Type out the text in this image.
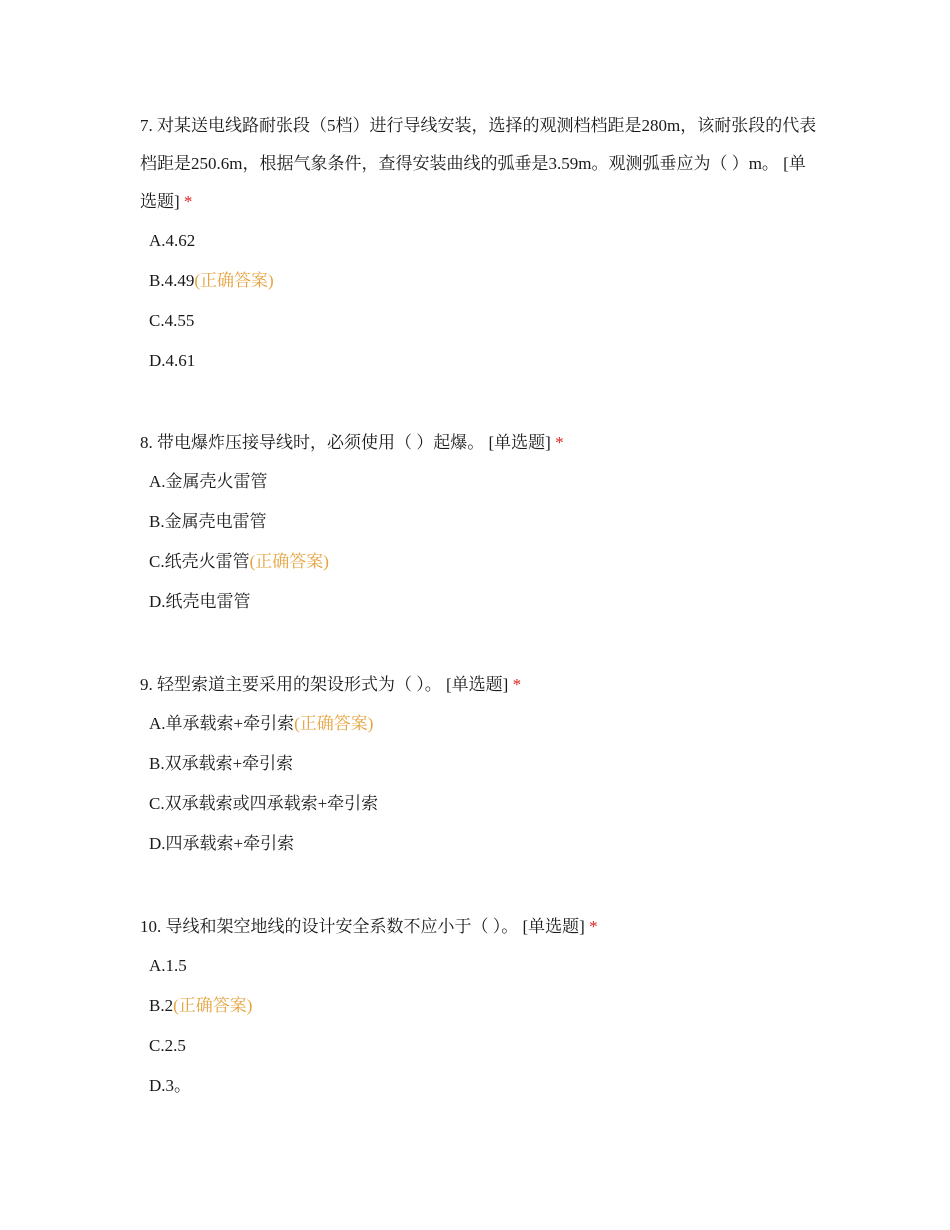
7. 对某送电线路耐张段（5档）进行导线安装，选择的观测档档距是280m，该耐张段的代表档距是250.6m，根据气象条件，查得安装曲线的弧垂是3.59m。观测弧垂应为（ ）m。 [单选题] *

A.4.62
B.4.49(正确答案)
C.4.55
D.4.61

8. 带电爆炸压接导线时，必须使用（ ）起爆。 [单选题] *

A.金属壳火雷管
B.金属壳电雷管
C.纸壳火雷管(正确答案)
D.纸壳电雷管

9. 轻型索道主要采用的架设形式为（ ）。 [单选题] *

A.单承载索+牵引索(正确答案)
B.双承载索+牵引索
C.双承载索或四承载索+牵引索
D.四承载索+牵引索

10. 导线和架空地线的设计安全系数不应小于（ ）。 [单选题] *

A.1.5
B.2(正确答案)
C.2.5
D.3。
